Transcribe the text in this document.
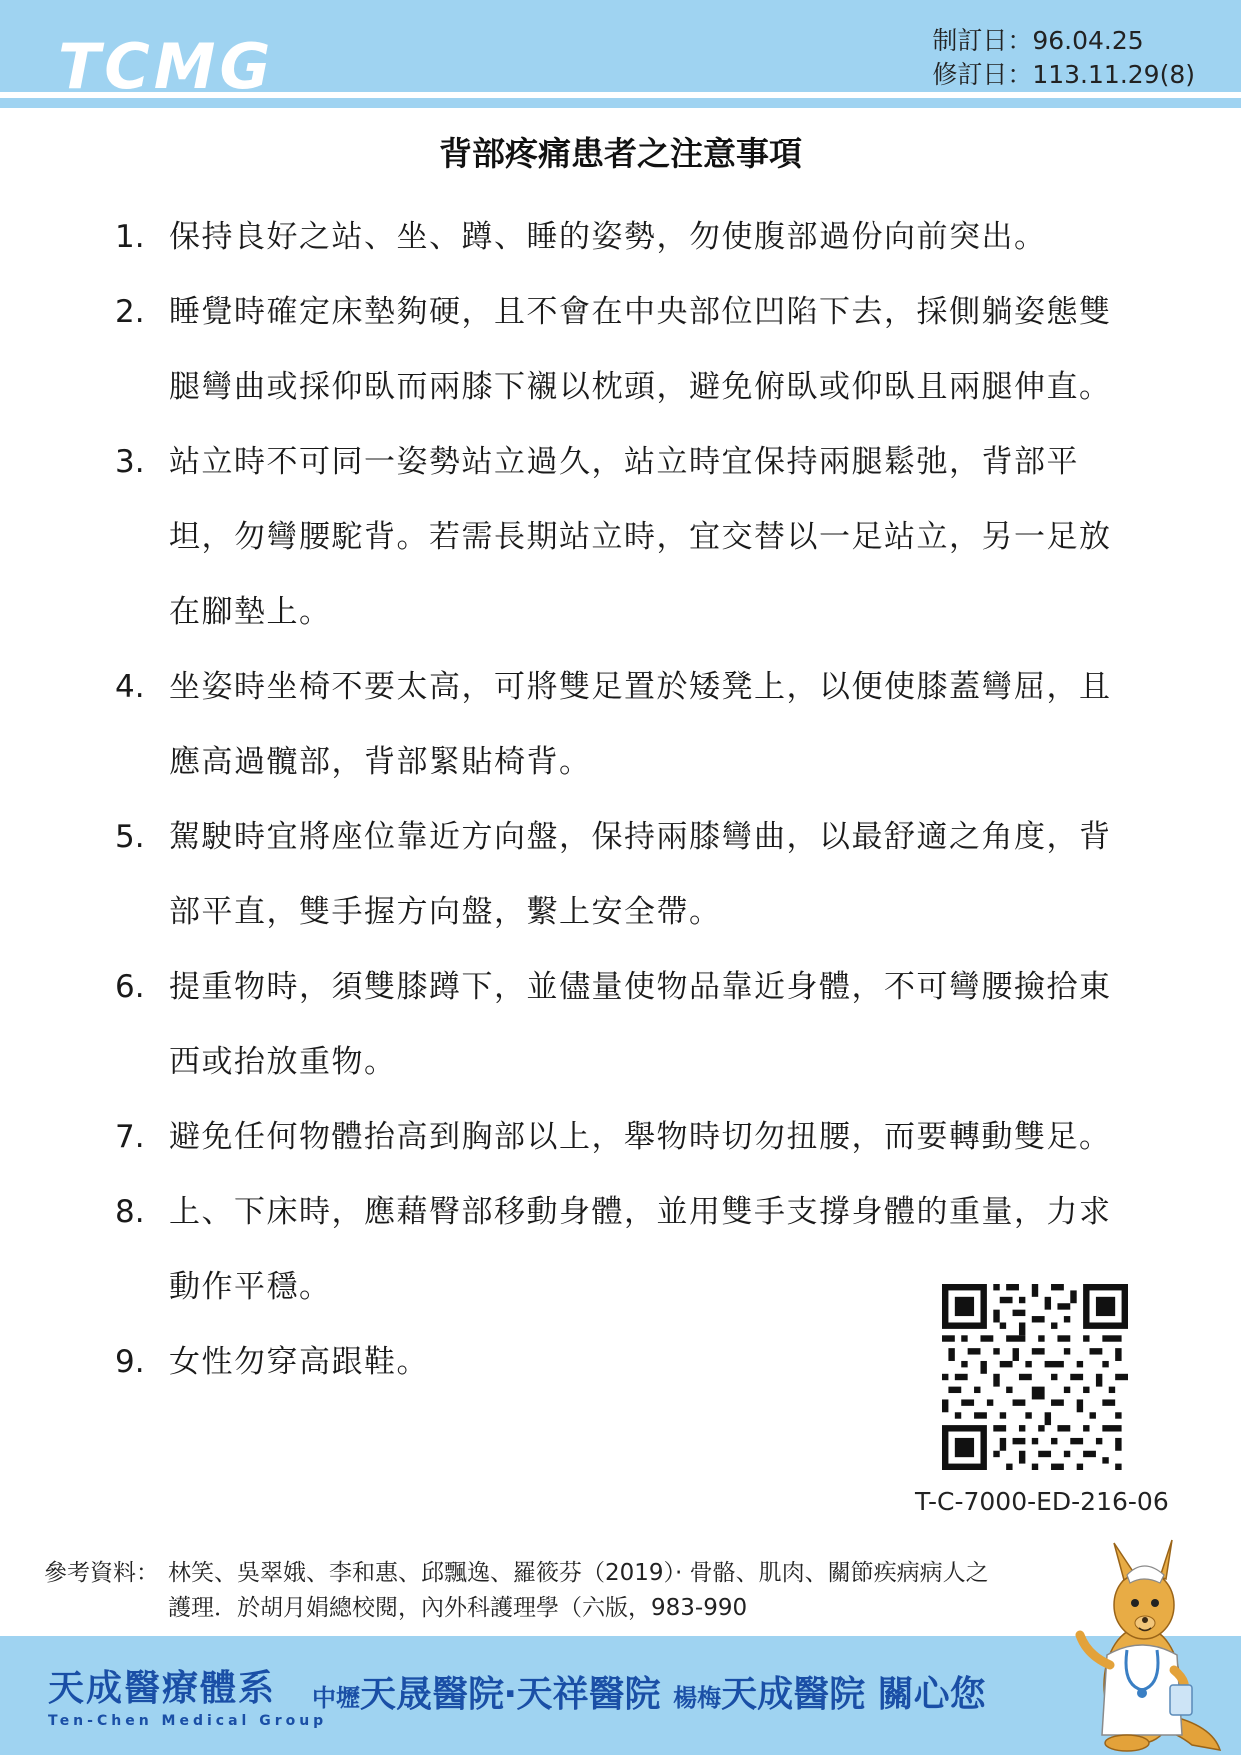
TCMG	制訂日：96.04.25
修訂日：113.11.29(8)
背部疼痛患者之注意事項
1. 保持良好之站、坐、蹲、睡的姿勢，勿使腹部過份向前突出。
2. 睡覺時確定床墊夠硬，且不會在中央部位凹陷下去，採側躺姿態雙腿彎曲或採仰臥而兩膝下襯以枕頭，避免俯臥或仰臥且兩腿伸直。
3. 站立時不可同一姿勢站立過久，站立時宜保持兩腿鬆弛，背部平坦，勿彎腰駝背。若需長期站立時，宜交替以一足站立，另一足放在腳墊上。
4. 坐姿時坐椅不要太高，可將雙足置於矮凳上，以便使膝蓋彎屈，且應高過髖部，背部緊貼椅背。
5. 駕駛時宜將座位靠近方向盤，保持兩膝彎曲，以最舒適之角度，背部平直，雙手握方向盤，繫上安全帶。
6. 提重物時，須雙膝蹲下，並儘量使物品靠近身體，不可彎腰撿拾東西或抬放重物。
7. 避免任何物體抬高到胸部以上，舉物時切勿扭腰，而要轉動雙足。
8. 上、下床時，應藉臀部移動身體，並用雙手支撐身體的重量，力求動作平穩。
9. 女性勿穿高跟鞋。
T-C-7000-ED-216-06
參考資料： 林笑、吳翠娥、李和惠、邱飄逸、羅筱芬（2019）· 骨骼、肌肉、關節疾病病人之
護理．於胡月娟總校閱，內外科護理學（六版，983-990
天成醫療體系
Ten-Chen Medical Group
中壢天晟醫院‧天祥醫院 楊梅天成醫院 關心您
